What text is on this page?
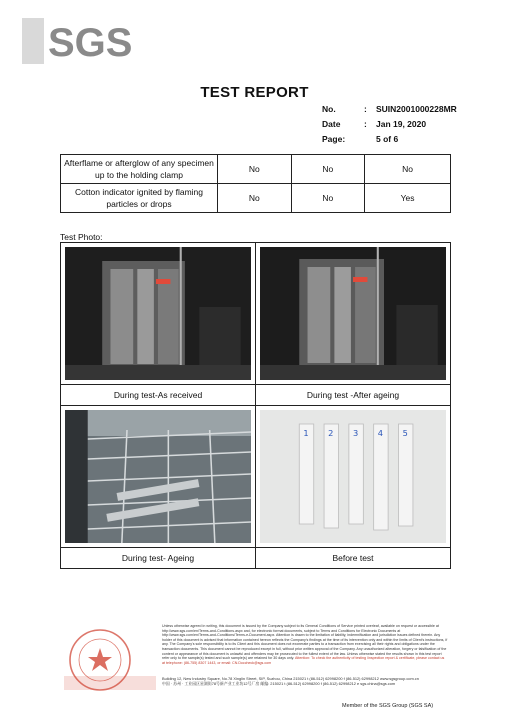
SGS
TEST REPORT
No.	:	SUIN2001000228MR
Date	:	Jan 19, 2020
Page:	5 of 6
Afterflame or afterglow of any specimen up to the holding clamp	No	No	No
Cotton indicator ignited by flaming particles or drops	No	No	Yes
Test Photo:
During test-As received	During test -After ageing
During test- Ageing
1 2 3 4 5
Before test
Unless otherwise agreed in writing, this document is issued by the Company subject to its General Conditions of Service printed overleaf, available on request or accessible at http://www.sgs.com/en/Terms-and-Conditions.aspx and, for electronic format documents, subject to Terms and Conditions for Electronic Documents at http://www.sgs.com/en/Terms-and-Conditions/Terms-e-Document.aspx. Attention is drawn to the limitation of liability, indemnification and jurisdiction issues defined therein. Any holder of this document is advised that information contained hereon reflects the Company's findings at the time of its intervention only and within the limits of Client's instructions, if any. The Company's sole responsibility is to its Client and this document does not exonerate parties to a transaction from exercising all their rights and obligations under the transaction documents. This document cannot be reproduced except in full, without prior written approval of the Company. Any unauthorized alteration, forgery or falsification of the content or appearance of this document is unlawful and offenders may be prosecuted to the fullest extent of the law. Unless otherwise stated the results shown in this test report refer only to the sample(s) tested and such sample(s) are retained for 30 days only. Attention: To check the authenticity of testing /inspection report & certificate, please contact us at telephone: (86-755) 8307 1443, or email: CN.Doccheck@sgs.com
Building 12, New Industry Square, No.78 Xinglin Street, SIP, Suzhou, China 215021 t (86-512) 62998200 f (86-512) 62998212 www.sgsgroup.com.cn
中国 · 苏州 · 工业园区星湖街78号新产业工业坊12号厂房 邮编: 215021 t (86-512) 62998200 f (86-512) 62998212 e sgs.china@sgs.com
Member of the SGS Group (SGS SA)
